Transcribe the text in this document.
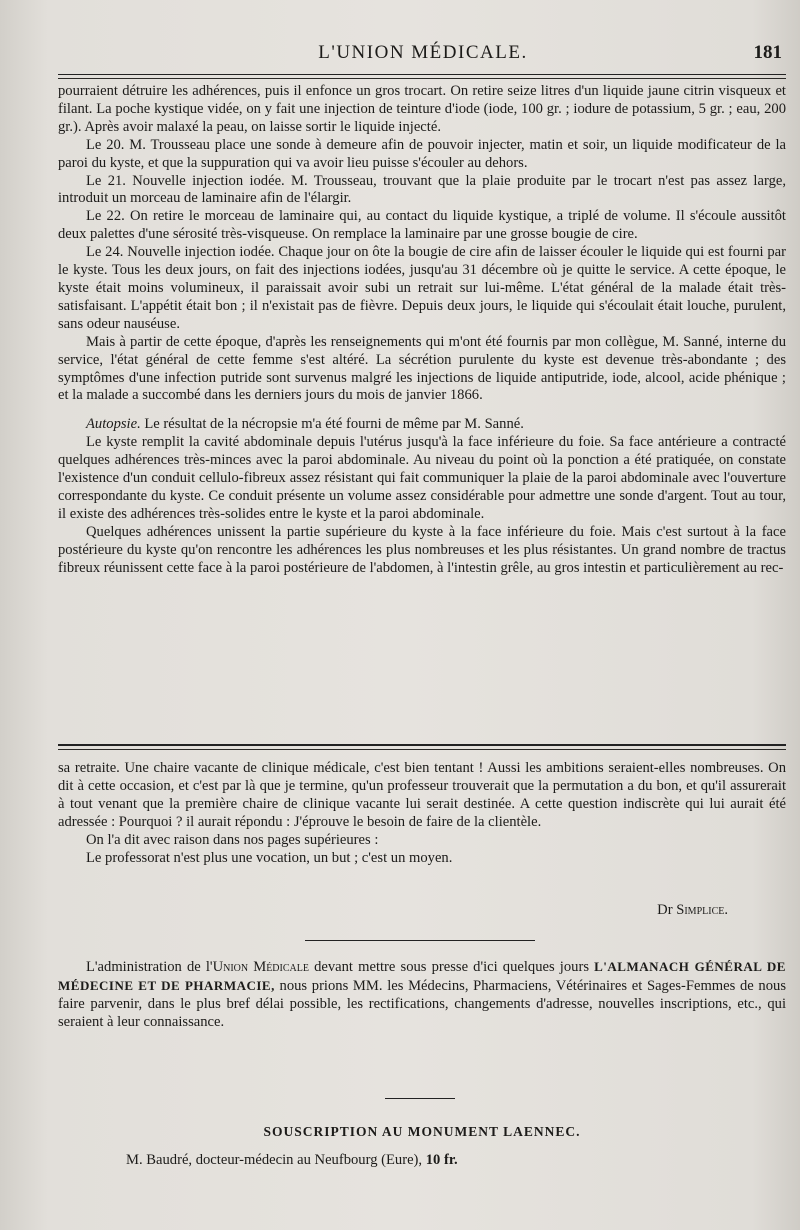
L'UNION MÉDICALE.	181

pourraient détruire les adhérences, puis il enfonce un gros trocart. On retire seize litres d'un liquide jaune citrin visqueux et filant. La poche kystique vidée, on y fait une injection de teinture d'iode (iode, 100 gr. ; iodure de potassium, 5 gr. ; eau, 200 gr.). Après avoir malaxé la peau, on laisse sortir le liquide injecté.

Le 20. M. Trousseau place une sonde à demeure afin de pouvoir injecter, matin et soir, un liquide modificateur de la paroi du kyste, et que la suppuration qui va avoir lieu puisse s'écouler au dehors.

Le 21. Nouvelle injection iodée. M. Trousseau, trouvant que la plaie produite par le trocart n'est pas assez large, introduit un morceau de laminaire afin de l'élargir.

Le 22. On retire le morceau de laminaire qui, au contact du liquide kystique, a triplé de volume. Il s'écoule aussitôt deux palettes d'une sérosité très-visqueuse. On remplace la laminaire par une grosse bougie de cire.

Le 24. Nouvelle injection iodée. Chaque jour on ôte la bougie de cire afin de laisser écouler le liquide qui est fourni par le kyste. Tous les deux jours, on fait des injections iodées, jusqu'au 31 décembre où je quitte le service. A cette époque, le kyste était moins volumineux, il paraissait avoir subi un retrait sur lui-même. L'état général de la malade était très-satisfaisant. L'appétit était bon ; il n'existait pas de fièvre. Depuis deux jours, le liquide qui s'écoulait était louche, purulent, sans odeur nauséuse.

Mais à partir de cette époque, d'après les renseignements qui m'ont été fournis par mon collègue, M. Sanné, interne du service, l'état général de cette femme s'est altéré. La sécrétion purulente du kyste est devenue très-abondante ; des symptômes d'une infection putride sont survenus malgré les injections de liquide antiputride, iode, alcool, acide phénique ; et la malade a succombé dans les derniers jours du mois de janvier 1866.

Autopsie. Le résultat de la nécropsie m'a été fourni de même par M. Sanné.

Le kyste remplit la cavité abdominale depuis l'utérus jusqu'à la face inférieure du foie. Sa face antérieure a contracté quelques adhérences très-minces avec la paroi abdominale. Au niveau du point où la ponction a été pratiquée, on constate l'existence d'un conduit cellulo-fibreux assez résistant qui fait communiquer la plaie de la paroi abdominale avec l'ouverture correspondante du kyste. Ce conduit présente un volume assez considérable pour admettre une sonde d'argent. Tout au tour, il existe des adhérences très-solides entre le kyste et la paroi abdominale.

Quelques adhérences unissent la partie supérieure du kyste à la face inférieure du foie. Mais c'est surtout à la face postérieure du kyste qu'on rencontre les adhérences les plus nombreuses et les plus résistantes. Un grand nombre de tractus fibreux réunissent cette face à la paroi postérieure de l'abdomen, à l'intestin grêle, au gros intestin et particulièrement au rec-

sa retraite. Une chaire vacante de clinique médicale, c'est bien tentant ! Aussi les ambitions seraient-elles nombreuses. On dit à cette occasion, et c'est par là que je termine, qu'un professeur trouverait que la permutation a du bon, et qu'il assurerait à tout venant que la première chaire de clinique vacante lui serait destinée. A cette question indiscrète qui lui aurait été adressée : Pourquoi ? il aurait répondu : J'éprouve le besoin de faire de la clientèle.

On l'a dit avec raison dans nos pages supérieures :

Le professorat n'est plus une vocation, un but ; c'est un moyen.

Dr Simplice.

L'administration de l'Union Médicale devant mettre sous presse d'ici quelques jours L'ALMANACH GÉNÉRAL DE MÉDECINE ET DE PHARMACIE, nous prions MM. les Médecins, Pharmaciens, Vétérinaires et Sages-Femmes de nous faire parvenir, dans le plus bref délai possible, les rectifications, changements d'adresse, nouvelles inscriptions, etc., qui seraient à leur connaissance.

SOUSCRIPTION AU MONUMENT LAENNEC.

M. Baudré, docteur-médecin au Neufbourg (Eure), 10 fr.
